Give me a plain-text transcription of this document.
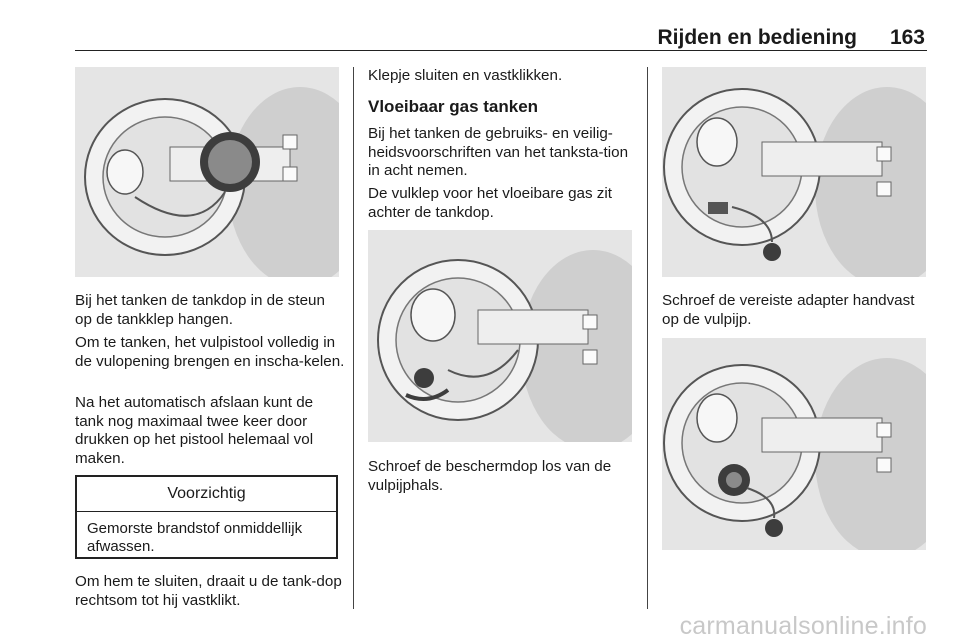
Rijden en bediening 163

Bij het tanken de tankdop in de steun op de tankklep hangen.

Om te tanken, het vulpistool volledig in de vulopening brengen en inscha-kelen.

Na het automatisch afslaan kunt de tank nog maximaal twee keer door drukken op het pistool helemaal vol maken.

Voorzichtig
Gemorste brandstof onmiddellijk afwassen.

Om hem te sluiten, draait u de tank-dop rechtsom tot hij vastklikt.

Klepje sluiten en vastklikken.

Vloeibaar gas tanken

Bij het tanken de gebruiks- en veilig-heidsvoorschriften van het tanksta-tion in acht nemen.

De vulklep voor het vloeibare gas zit achter de tankdop.

Schroef de beschermdop los van de vulpijphals.

Schroef de vereiste adapter handvast op de vulpijp.

carmanualsonline.info
